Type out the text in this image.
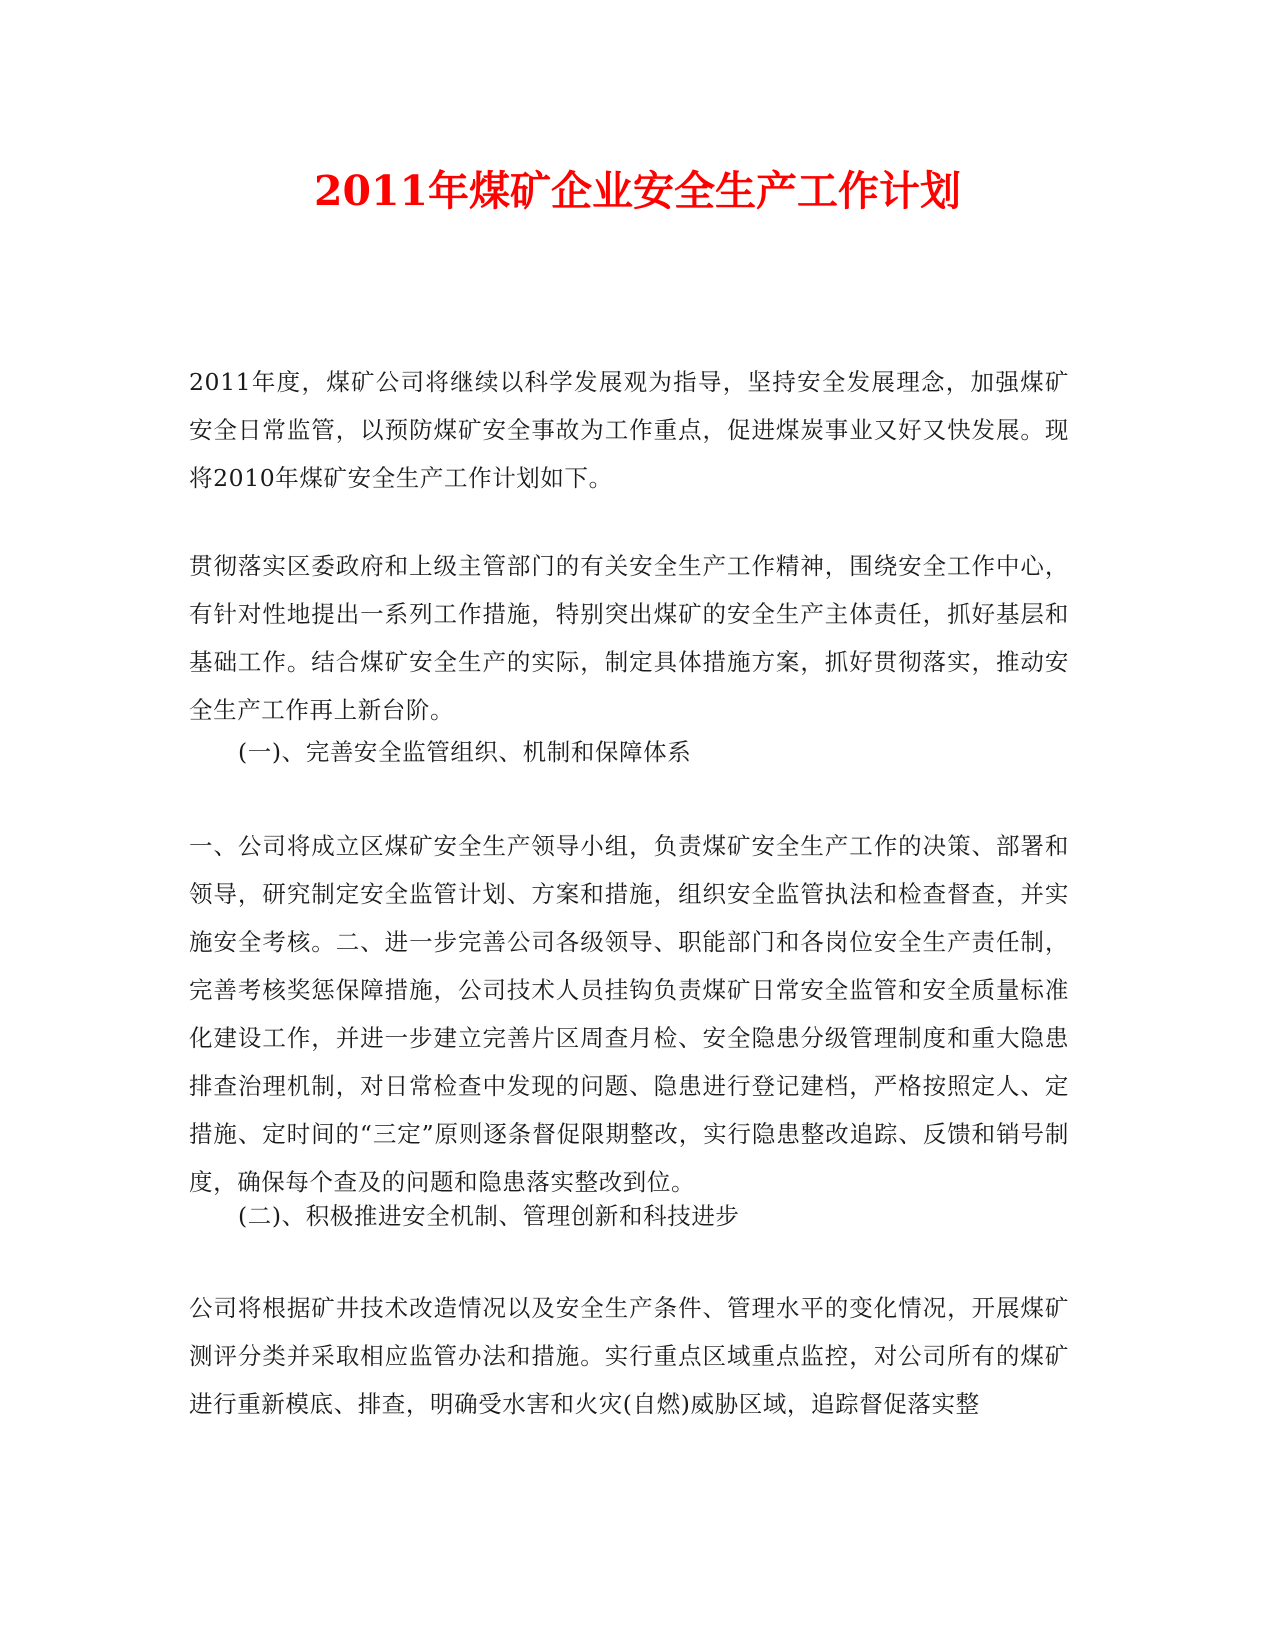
2011年煤矿企业安全生产工作计划

2011年度，煤矿公司将继续以科学发展观为指导，坚持安全发展理念，加强煤矿安全日常监管，以预防煤矿安全事故为工作重点，促进煤炭事业又好又快发展。现将2010年煤矿安全生产工作计划如下。

贯彻落实区委政府和上级主管部门的有关安全生产工作精神，围绕安全工作中心，有针对性地提出一系列工作措施，特别突出煤矿的安全生产主体责任，抓好基层和基础工作。结合煤矿安全生产的实际，制定具体措施方案，抓好贯彻落实，推动安全生产工作再上新台阶。

(一)、完善安全监管组织、机制和保障体系

一、公司将成立区煤矿安全生产领导小组，负责煤矿安全生产工作的决策、部署和领导，研究制定安全监管计划、方案和措施，组织安全监管执法和检查督查，并实施安全考核。二、进一步完善公司各级领导、职能部门和各岗位安全生产责任制，完善考核奖惩保障措施，公司技术人员挂钩负责煤矿日常安全监管和安全质量标准化建设工作，并进一步建立完善片区周查月检、安全隐患分级管理制度和重大隐患排查治理机制，对日常检查中发现的问题、隐患进行登记建档，严格按照定人、定措施、定时间的“三定”原则逐条督促限期整改，实行隐患整改追踪、反馈和销号制度，确保每个查及的问题和隐患落实整改到位。

(二)、积极推进安全机制、管理创新和科技进步

公司将根据矿井技术改造情况以及安全生产条件、管理水平的变化情况，开展煤矿测评分类并采取相应监管办法和措施。实行重点区域重点监控，对公司所有的煤矿进行重新模底、排查，明确受水害和火灾(自燃)威胁区域，追踪督促落实整
